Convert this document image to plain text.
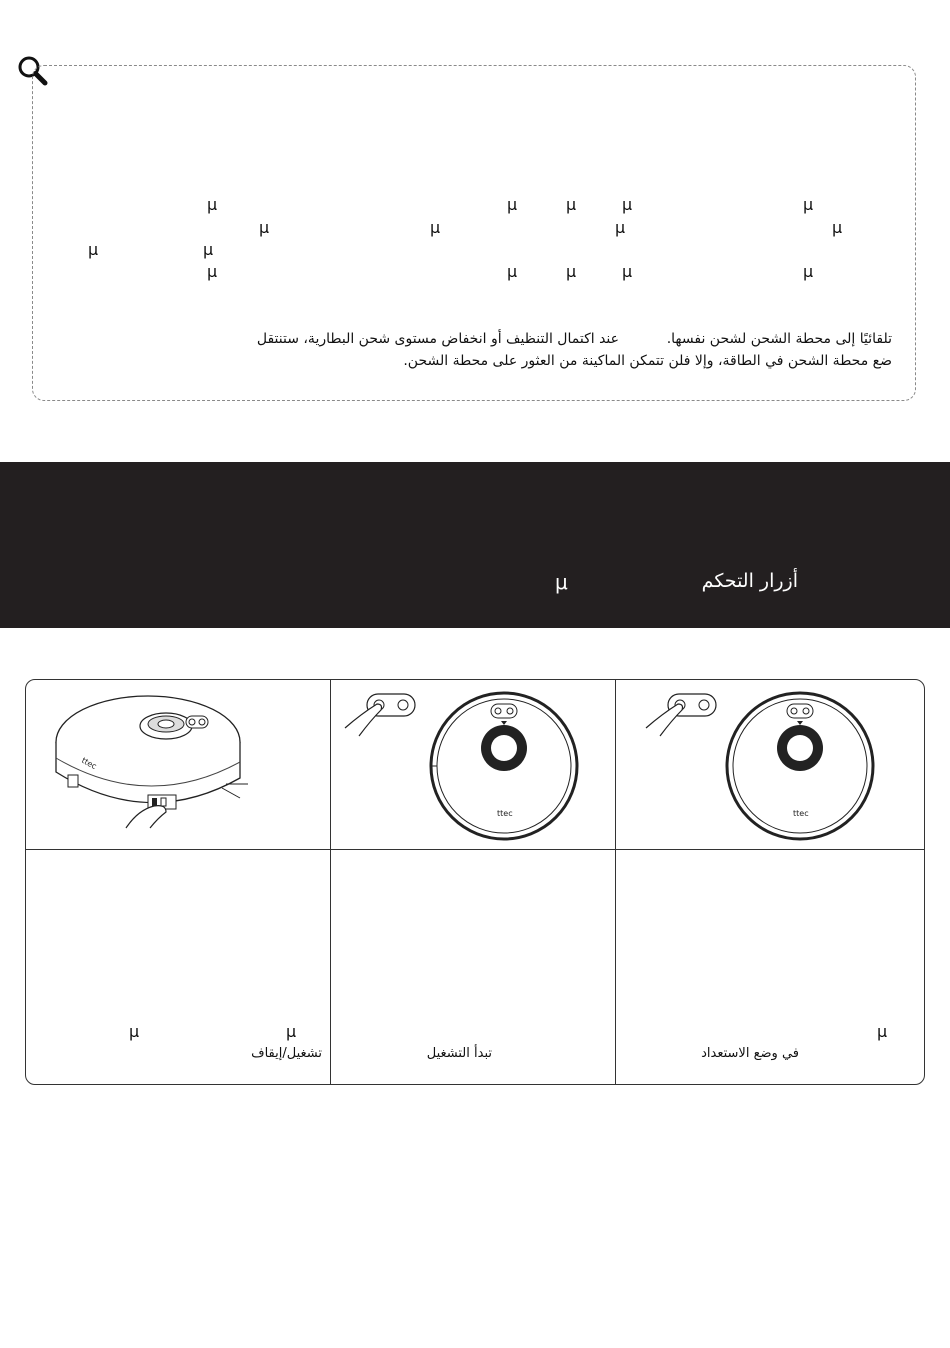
μ	μ	μ	μ	μ
μ	μ	μ	μ
μ	μ
μ	μ	μ	μ	μ
تلقائيًا إلى محطة الشحن لشحن نفسها.
عند اكتمال التنظيف أو انخفاض مستوى شحن البطارية، ستنتقل
ضع محطة الشحن في الطاقة، وإلا فلن تتمكن الماكينة من العثور على محطة الشحن.
أزرار التحكم
μ
ttec
ttec	ttec
μ	μ
تشغيل/إيقاف	تبدأ التشغيل
μ
في وضع الاستعداد
